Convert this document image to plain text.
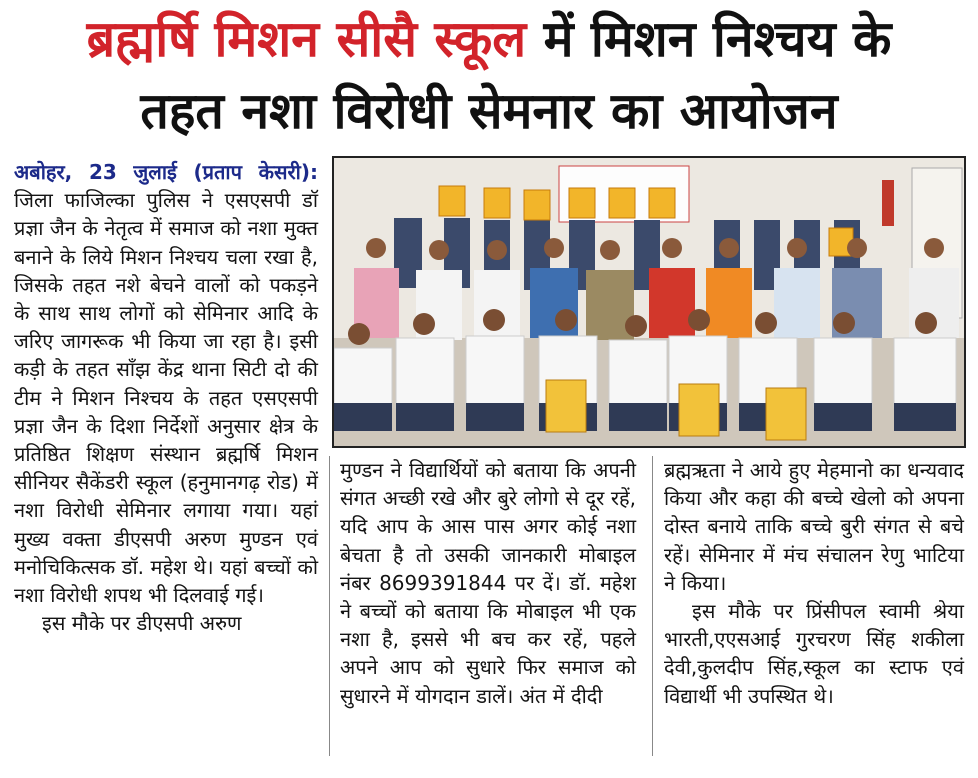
ब्रह्मर्षि मिशन सीसै स्कूल में मिशन निश्चय के
तहत नशा विरोधी सेमनार का आयोजन

अबोहर, 23 जुलाई (प्रताप केसरी): जिला फाजिल्का पुलिस ने एसएसपी डॉ प्रज्ञा जैन के नेतृत्व में समाज को नशा मुक्त बनाने के लिये मिशन निश्चय चला रखा है, जिसके तहत नशे बेचने वालों को पकड़ने के साथ साथ लोगों को सेमिनार आदि के जरिए जागरूक भी किया जा रहा है। इसी कड़ी के तहत साँझ केंद्र थाना सिटी दो की टीम ने मिशन निश्चय के तहत एसएसपी प्रज्ञा जैन के दिशा निर्देशों अनुसार क्षेत्र के प्रतिष्ठित शिक्षण संस्थान ब्रह्मर्षि मिशन सीनियर सैकेंडरी स्कूल (हनुमानगढ़ रोड) में नशा विरोधी सेमिनार लगाया गया। यहां मुख्य वक्ता डीएसपी अरुण मुण्डन एवं मनोचिकित्सक डॉ. महेश थे। यहां बच्चों को नशा विरोधी शपथ भी दिलवाई गई।

इस मौके पर डीएसपी अरुण

मुण्डन ने विद्यार्थियों को बताया कि अपनी संगत अच्छी रखे और बुरे लोगो से दूर रहें, यदि आप के आस पास अगर कोई नशा बेचता है तो उसकी जानकारी मोबाइल नंबर 8699391844 पर दें। डॉ. महेश ने बच्चों को बताया कि मोबाइल भी एक नशा है, इससे भी बच कर रहें, पहले अपने आप को सुधारे फिर समाज को सुधारने में योगदान डालें। अंत में दीदी

ब्रह्मऋता ने आये हुए मेहमानो का धन्यवाद किया और कहा की बच्चे खेलो को अपना दोस्त बनाये ताकि बच्चे बुरी संगत से बचे रहें। सेमिनार में मंच संचालन रेणु भाटिया ने किया।

इस मौके पर प्रिंसीपल स्वामी श्रेया भारती,एएसआई गुरचरण सिंह शकीला देवी,कुलदीप सिंह,स्कूल का स्टाफ एवं विद्यार्थी भी उपस्थित थे।
